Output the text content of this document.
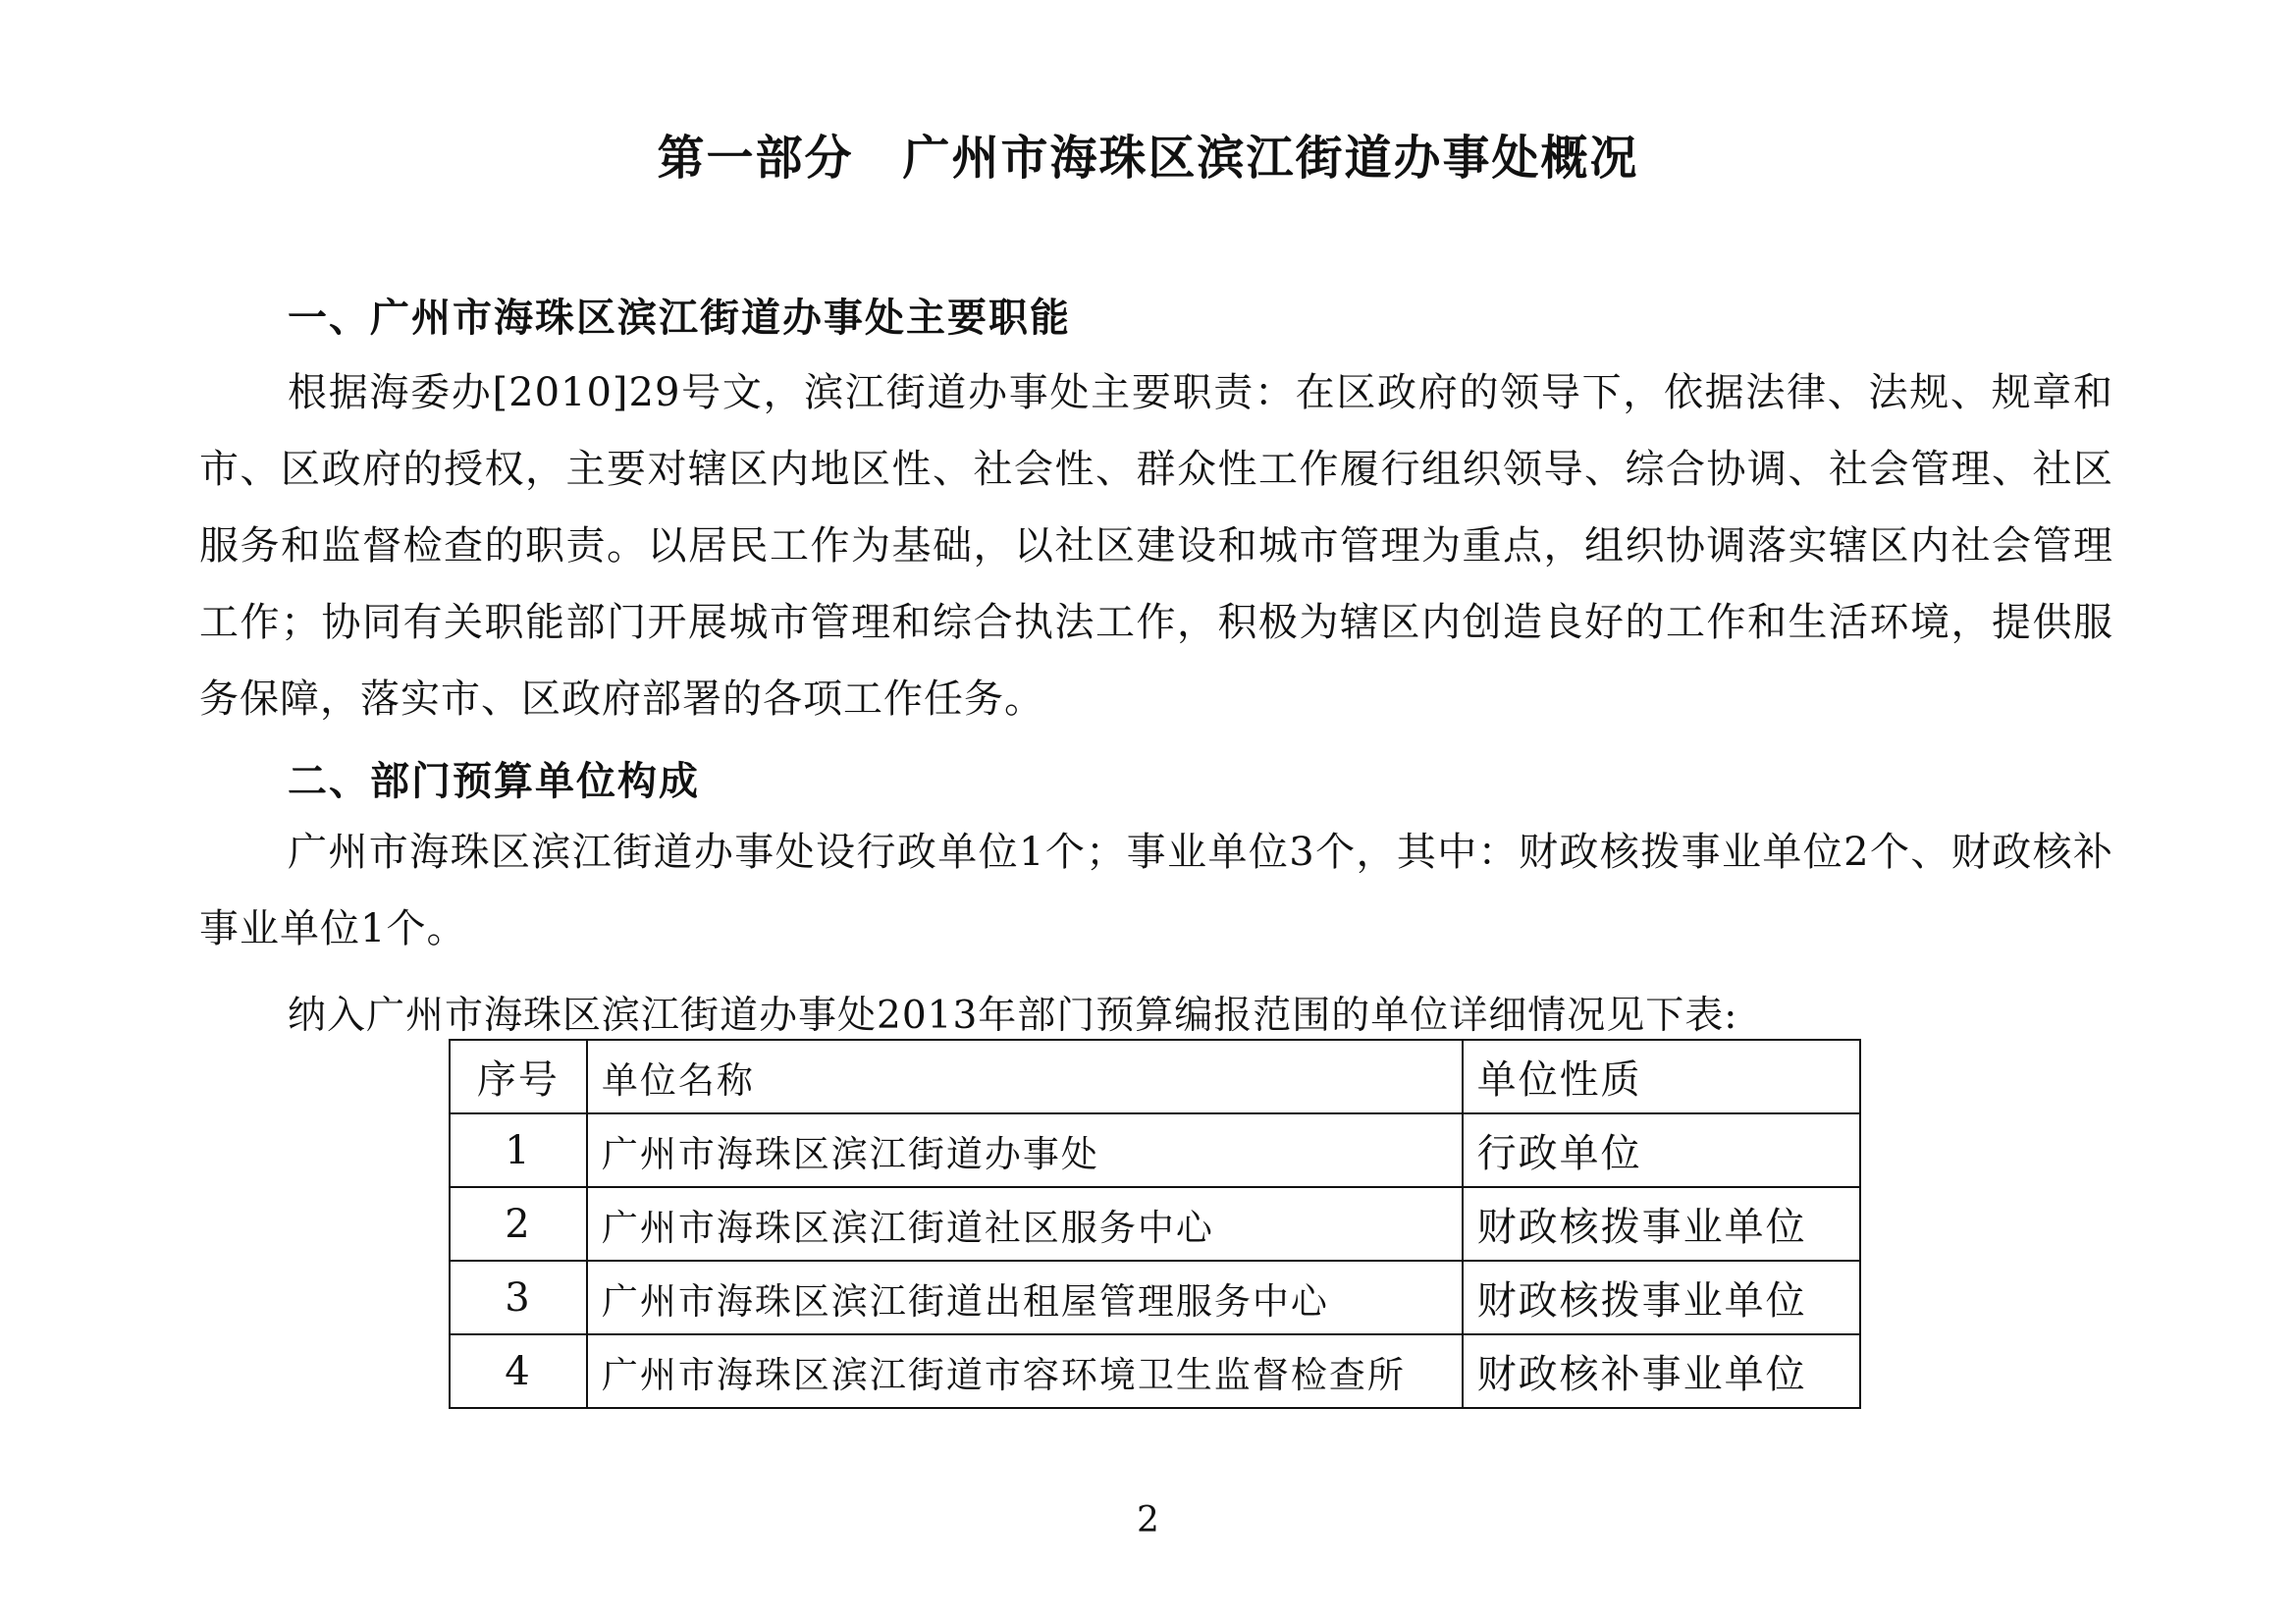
第一部分　广州市海珠区滨江街道办事处概况
一、广州市海珠区滨江街道办事处主要职能

根据海委办[2010]29号文，滨江街道办事处主要职责：在区政府的领导下，依据法律、法规、规章和市、区政府的授权，主要对辖区内地区性、社会性、群众性工作履行组织领导、综合协调、社会管理、社区服务和监督检查的职责。以居民工作为基础，以社区建设和城市管理为重点，组织协调落实辖区内社会管理工作；协同有关职能部门开展城市管理和综合执法工作，积极为辖区内创造良好的工作和生活环境，提供服务保障，落实市、区政府部署的各项工作任务。

二、部门预算单位构成

广州市海珠区滨江街道办事处设行政单位1个；事业单位3个，其中：财政核拨事业单位2个、财政核补事业单位1个。

纳入广州市海珠区滨江街道办事处2013年部门预算编报范围的单位详细情况见下表:
序号	单位名称	单位性质
1	广州市海珠区滨江街道办事处	行政单位
2	广州市海珠区滨江街道社区服务中心	财政核拨事业单位
3	广州市海珠区滨江街道出租屋管理服务中心	财政核拨事业单位
4	广州市海珠区滨江街道市容环境卫生监督检查所	财政核补事业单位
2
